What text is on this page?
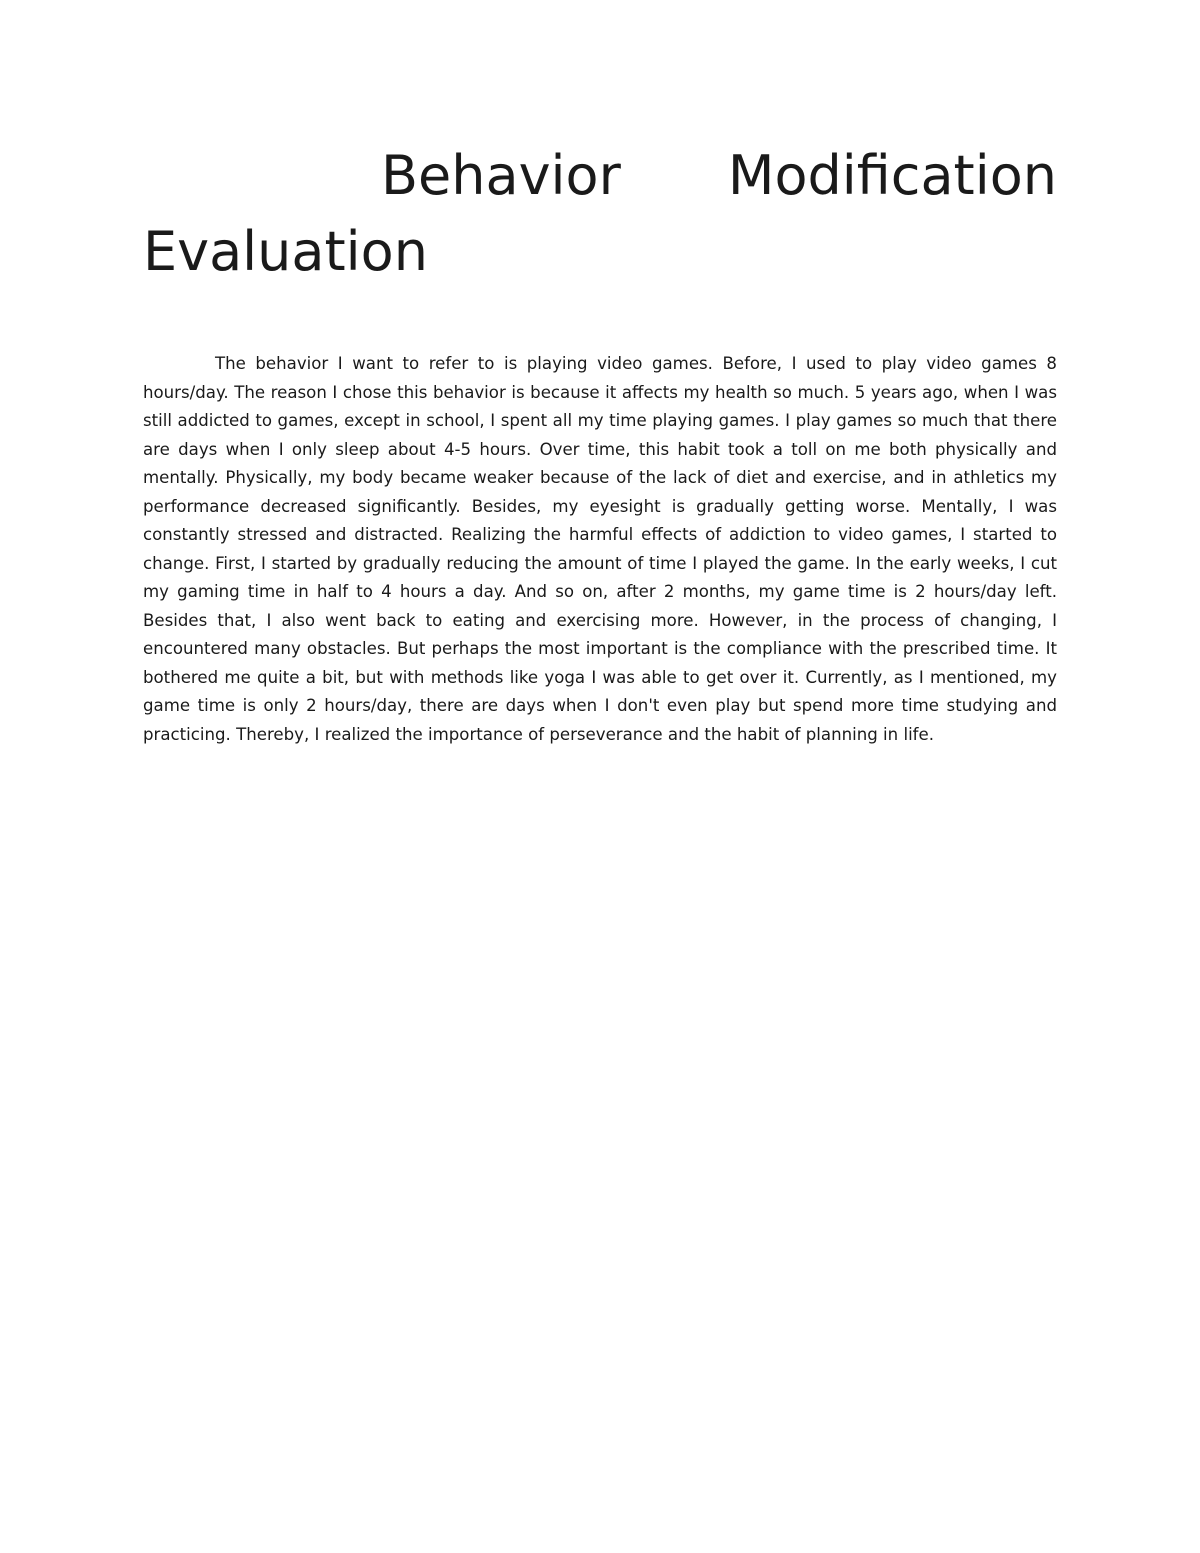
Behavior Modification Evaluation

The behavior I want to refer to is playing video games. Before, I used to play video games 8 hours/day. The reason I chose this behavior is because it affects my health so much. 5 years ago, when I was still addicted to games, except in school, I spent all my time playing games. I play games so much that there are days when I only sleep about 4-5 hours. Over time, this habit took a toll on me both physically and mentally. Physically, my body became weaker because of the lack of diet and exercise, and in athletics my performance decreased significantly. Besides, my eyesight is gradually getting worse. Mentally, I was constantly stressed and distracted. Realizing the harmful effects of addiction to video games, I started to change. First, I started by gradually reducing the amount of time I played the game. In the early weeks, I cut my gaming time in half to 4 hours a day. And so on, after 2 months, my game time is 2 hours/day left. Besides that, I also went back to eating and exercising more. However, in the process of changing, I encountered many obstacles. But perhaps the most important is the compliance with the prescribed time. It bothered me quite a bit, but with methods like yoga I was able to get over it. Currently, as I mentioned, my game time is only 2 hours/day, there are days when I don't even play but spend more time studying and practicing. Thereby, I realized the importance of perseverance and the habit of planning in life.
